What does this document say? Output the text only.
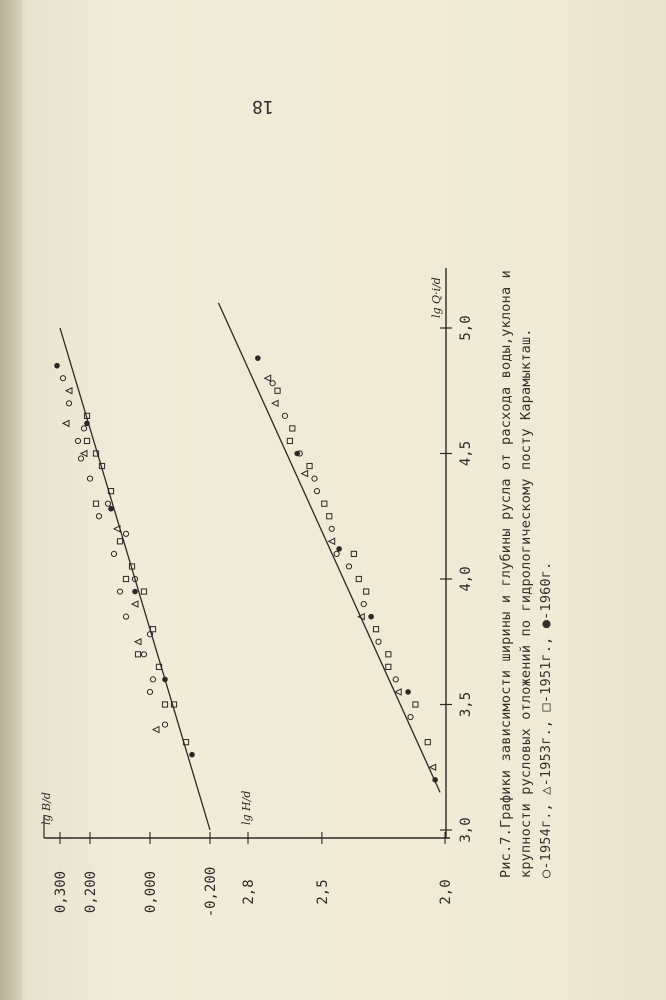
18
3,0
3,5
4,0
4,5
5,0
lg Q·i/d
lg B/d	lg H/d
0,300 0,200	0,000	-0,200 2,8	2,5	2,0
Рис.7.Графики зависимости ширины и глубины русла от расхода воды,уклона и крупности русловых отложений по гидрологическому посту Карамыкташ. ○-1954г., △-1953г., □-1951г., ●-1960г.
